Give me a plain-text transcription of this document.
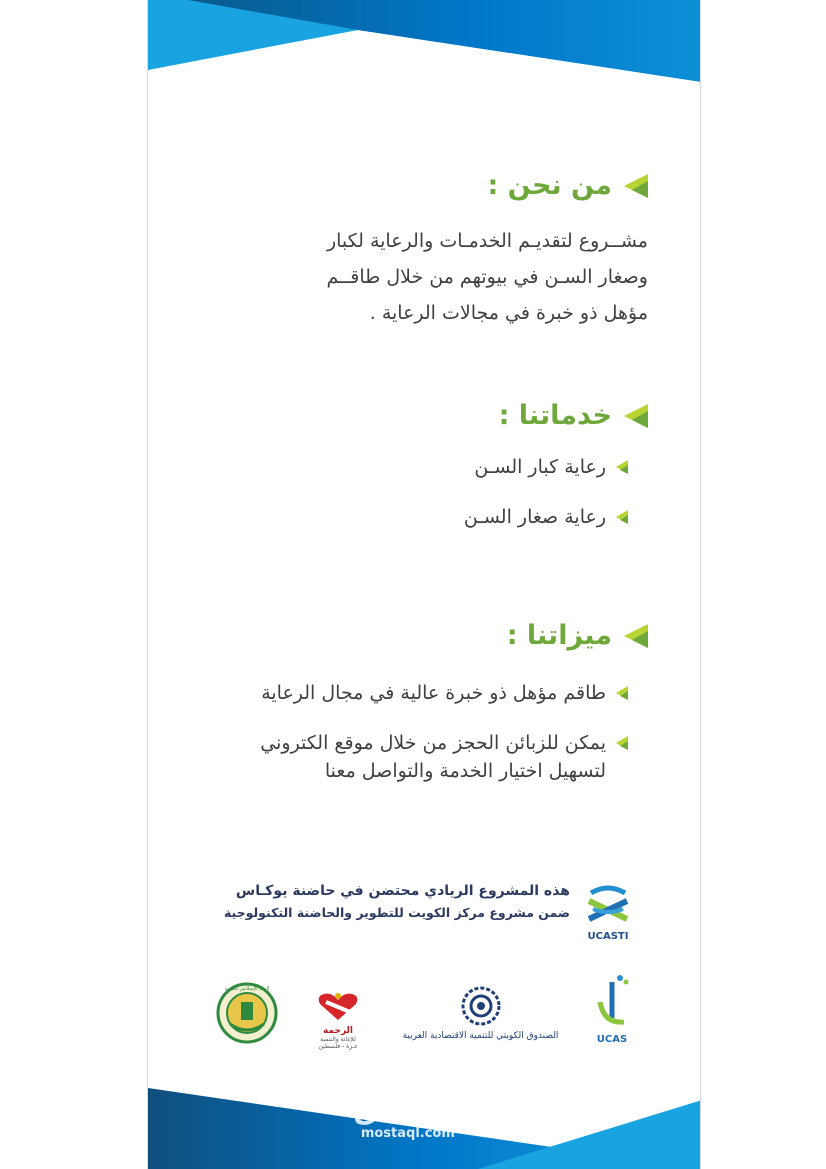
من نحن :
مشــروع لتقديـم الخدمـات والرعاية لكبار
وصغار السـن في بيوتهم من خلال طاقــم
مؤهل ذو خبرة في مجالات الرعاية .
خدماتنا :
رعاية كبار السـن
رعاية صغار السـن
ميزاتنا :
طاقم مؤهل ذو خبرة عالية في مجال الرعاية
يمكن للزبائن الحجز من خلال موقع الكتروني
لتسهيل اختيار الخدمة والتواصل معنا
UCASTI
هذه المشروع الريادي محتضن في حاضنة يوكـاس
ضمن مشروع مركز الكويت للتطوير والحاضنة التكنولوجية
UCAS
الصندوق الكويتي للتنمية الاقتصادية العربية
الرحمة
للإغاثة والتنمية
غـزة - فلسطين
البنك الإسلامي للتنمية
مستقل
mostaql.com
